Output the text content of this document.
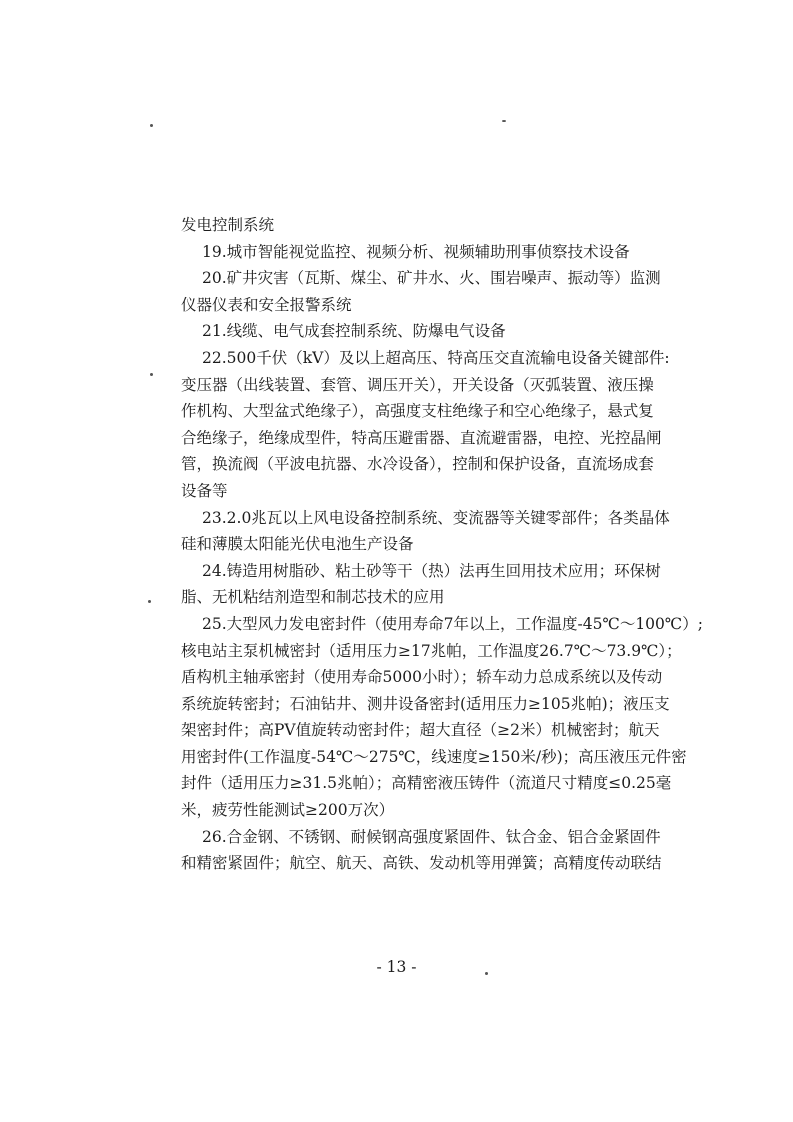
发电控制系统
19.城市智能视觉监控、视频分析、视频辅助刑事侦察技术设备
20.矿井灾害（瓦斯、煤尘、矿井水、火、围岩噪声、振动等）监测
仪器仪表和安全报警系统
21.线缆、电气成套控制系统、防爆电气设备
22.500千伏（kV）及以上超高压、特高压交直流输电设备关键部件:
变压器（出线装置、套管、调压开关），开关设备（灭弧装置、液压操
作机构、大型盆式绝缘子），高强度支柱绝缘子和空心绝缘子，悬式复
合绝缘子，绝缘成型件，特高压避雷器、直流避雷器，电控、光控晶闸
管，换流阀（平波电抗器、水冷设备），控制和保护设备，直流场成套
设备等
23.2.0兆瓦以上风电设备控制系统、变流器等关键零部件；各类晶体
硅和薄膜太阳能光伏电池生产设备
24.铸造用树脂砂、粘土砂等干（热）法再生回用技术应用；环保树
脂、无机粘结剂造型和制芯技术的应用
25.大型风力发电密封件（使用寿命7年以上，工作温度-45℃～100℃）;
核电站主泵机械密封（适用压力≥17兆帕，工作温度26.7℃～73.9℃）；
盾构机主轴承密封（使用寿命5000小时）；轿车动力总成系统以及传动
系统旋转密封；石油钻井、测井设备密封(适用压力≥105兆帕)；液压支
架密封件；高PV值旋转动密封件；超大直径（≥2米）机械密封；航天
用密封件(工作温度-54℃～275℃，线速度≥150米/秒)；高压液压元件密
封件（适用压力≥31.5兆帕）；高精密液压铸件（流道尺寸精度≤0.25毫
米，疲劳性能测试≥200万次）
26.合金钢、不锈钢、耐候钢高强度紧固件、钛合金、铝合金紧固件
和精密紧固件；航空、航天、高铁、发动机等用弹簧；高精度传动联结
- 13 -
